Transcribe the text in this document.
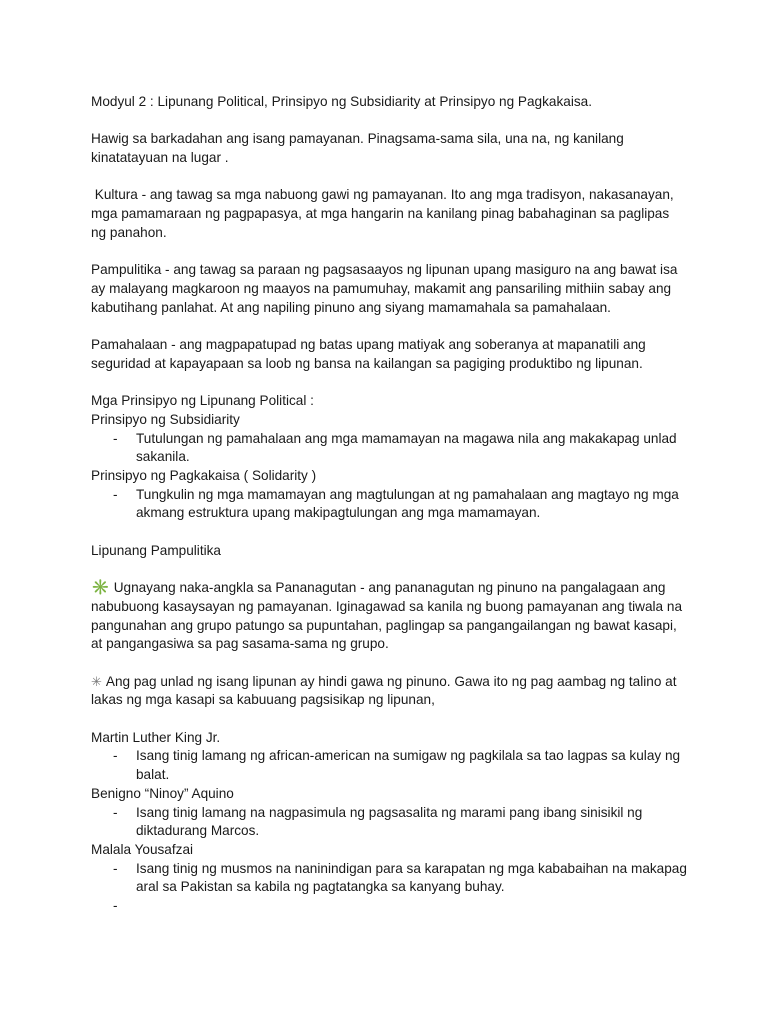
Modyul 2 : Lipunang Political, Prinsipyo ng Subsidiarity at Prinsipyo ng Pagkakaisa.

Hawig sa barkadahan ang isang pamayanan. Pinagsama-sama sila, una na, ng kanilang kinatatayuan na lugar .

Kultura - ang tawag sa mga nabuong gawi ng pamayanan. Ito ang mga tradisyon, nakasanayan, mga pamamaraan ng pagpapasya, at mga hangarin na kanilang pinag babahaginan sa paglipas ng panahon.

Pampulitika - ang tawag sa paraan ng pagsasaayos ng lipunan upang masiguro na ang bawat isa ay malayang magkaroon ng maayos na pamumuhay, makamit ang pansariling mithiin sabay ang kabutihang panlahat. At ang napiling pinuno ang siyang mamamahala sa pamahalaan.

Pamahalaan - ang magpapatupad ng batas upang matiyak ang soberanya at mapanatili ang seguridad at kapayapaan sa loob ng bansa na kailangan sa pagiging produktibo ng lipunan.

Mga Prinsipyo ng Lipunang Political :

Prinsipyo ng Subsidiarity

- Tutulungan ng pamahalaan ang mga mamamayan na magawa nila ang makakapag unlad sakanila.

Prinsipyo ng Pagkakaisa ( Solidarity )

- Tungkulin ng mga mamamayan ang magtulungan at ng pamahalaan ang magtayo ng mga akmang estruktura upang makipagtulungan ang mga mamamayan.

Lipunang Pampulitika

✳️ Ugnayang naka-angkla sa Pananagutan - ang pananagutan ng pinuno na pangalagaan ang nabubuong kasaysayan ng pamayanan. Iginagawad sa kanila ng buong pamayanan ang tiwala na pangunahan ang grupo patungo sa pupuntahan, paglingap sa pangangailangan ng bawat kasapi, at pangangasiwa sa pag sasama-sama ng grupo.

✳ Ang pag unlad ng isang lipunan ay hindi gawa ng pinuno. Gawa ito ng pag aambag ng talino at lakas ng mga kasapi sa kabuuang pagsisikap ng lipunan,

Martin Luther King Jr.

- Isang tinig lamang ng african-american na sumigaw ng pagkilala sa tao lagpas sa kulay ng balat.

Benigno “Ninoy” Aquino

- Isang tinig lamang na nagpasimula ng pagsasalita ng marami pang ibang sinisikil ng diktadurang Marcos.

Malala Yousafzai

- Isang tinig ng musmos na naninindigan para sa karapatan ng mga kababaihan na makapag aral sa Pakistan sa kabila ng pagtatangka sa kanyang buhay.
-
